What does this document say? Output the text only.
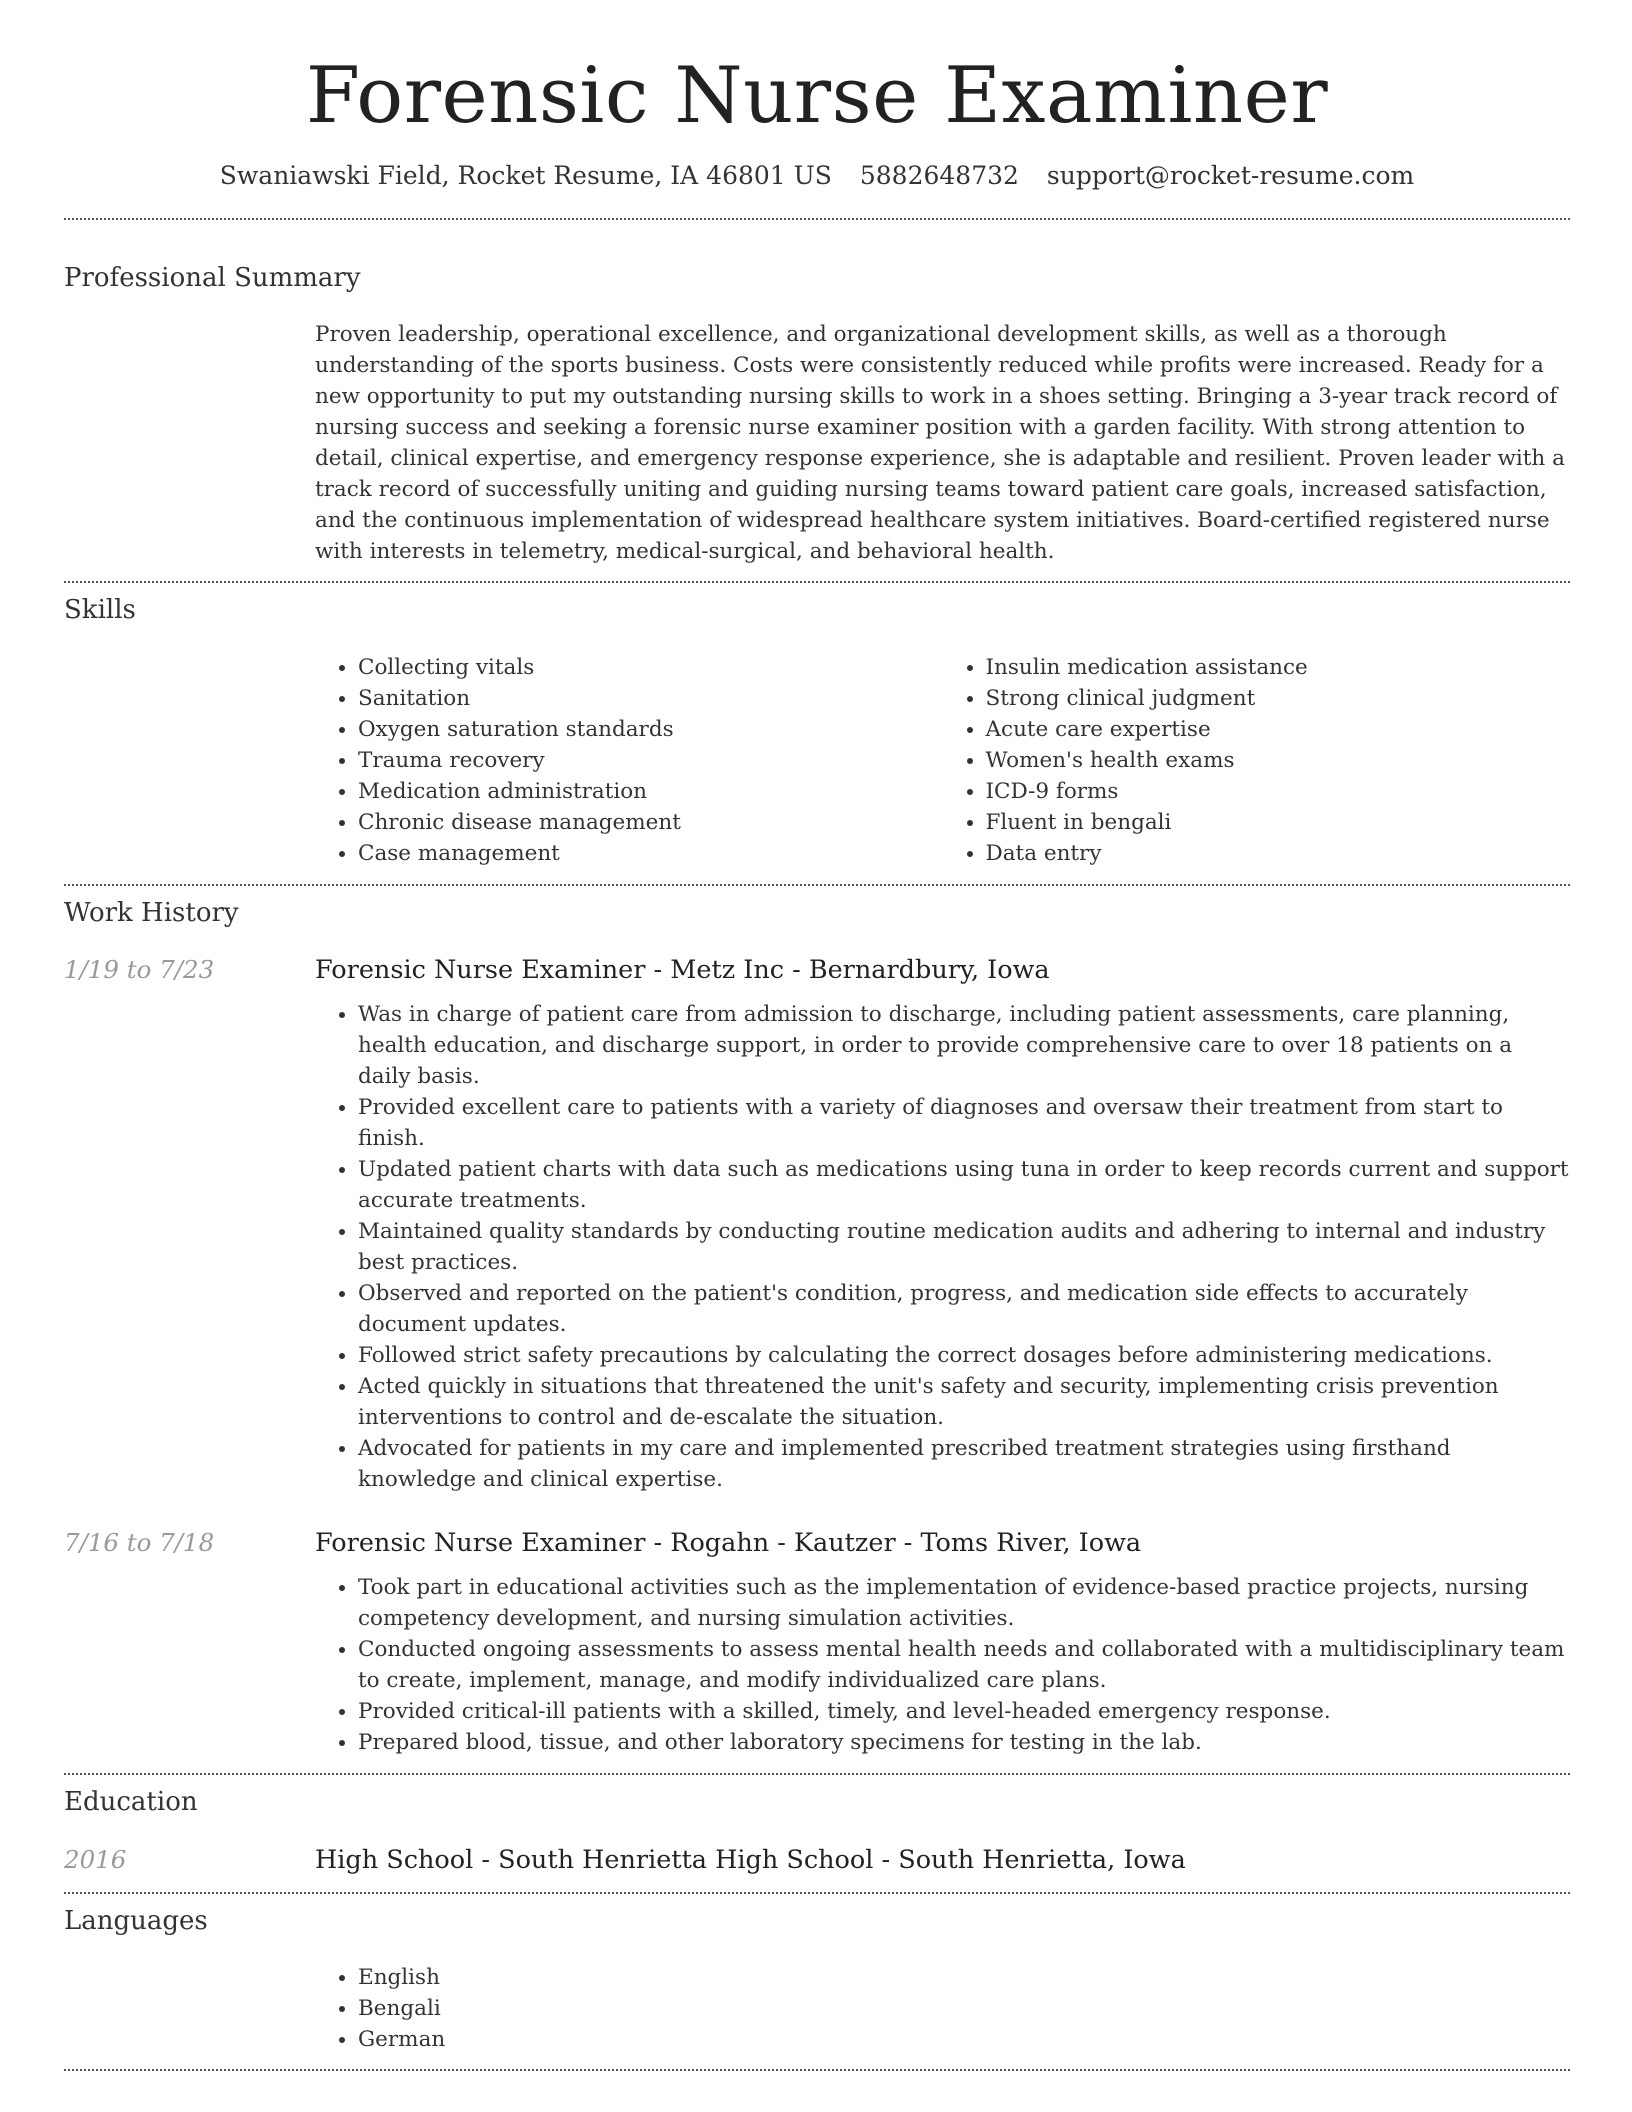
Forensic Nurse Examiner
Swaniawski Field, Rocket Resume, IA 46801 US 5882648732 support@rocket-resume.com
Professional Summary
Proven leadership, operational excellence, and organizational development skills, as well as a thorough understanding of the sports business. Costs were consistently reduced while profits were increased. Ready for a new opportunity to put my outstanding nursing skills to work in a shoes setting. Bringing a 3-year track record of nursing success and seeking a forensic nurse examiner position with a garden facility. With strong attention to detail, clinical expertise, and emergency response experience, she is adaptable and resilient. Proven leader with a track record of successfully uniting and guiding nursing teams toward patient care goals, increased satisfaction, and the continuous implementation of widespread healthcare system initiatives. Board-certified registered nurse with interests in telemetry, medical-surgical, and behavioral health.
Skills
• Collecting vitals
• Sanitation
• Oxygen saturation standards
• Trauma recovery
• Medication administration
• Chronic disease management
• Case management
• Insulin medication assistance
• Strong clinical judgment
• Acute care expertise
• Women's health exams
• ICD-9 forms
• Fluent in bengali
• Data entry
Work History
1/19 to 7/23	Forensic Nurse Examiner - Metz Inc - Bernardbury, Iowa
• Was in charge of patient care from admission to discharge, including patient assessments, care planning, health education, and discharge support, in order to provide comprehensive care to over 18 patients on a daily basis.
• Provided excellent care to patients with a variety of diagnoses and oversaw their treatment from start to finish.
• Updated patient charts with data such as medications using tuna in order to keep records current and support accurate treatments.
• Maintained quality standards by conducting routine medication audits and adhering to internal and industry best practices.
• Observed and reported on the patient's condition, progress, and medication side effects to accurately document updates.
• Followed strict safety precautions by calculating the correct dosages before administering medications.
• Acted quickly in situations that threatened the unit's safety and security, implementing crisis prevention interventions to control and de-escalate the situation.
• Advocated for patients in my care and implemented prescribed treatment strategies using firsthand knowledge and clinical expertise.
7/16 to 7/18	Forensic Nurse Examiner - Rogahn - Kautzer - Toms River, Iowa
• Took part in educational activities such as the implementation of evidence-based practice projects, nursing competency development, and nursing simulation activities.
• Conducted ongoing assessments to assess mental health needs and collaborated with a multidisciplinary team to create, implement, manage, and modify individualized care plans.
• Provided critical-ill patients with a skilled, timely, and level-headed emergency response.
• Prepared blood, tissue, and other laboratory specimens for testing in the lab.
Education
2016	High School - South Henrietta High School - South Henrietta, Iowa
Languages
• English
• Bengali
• German
